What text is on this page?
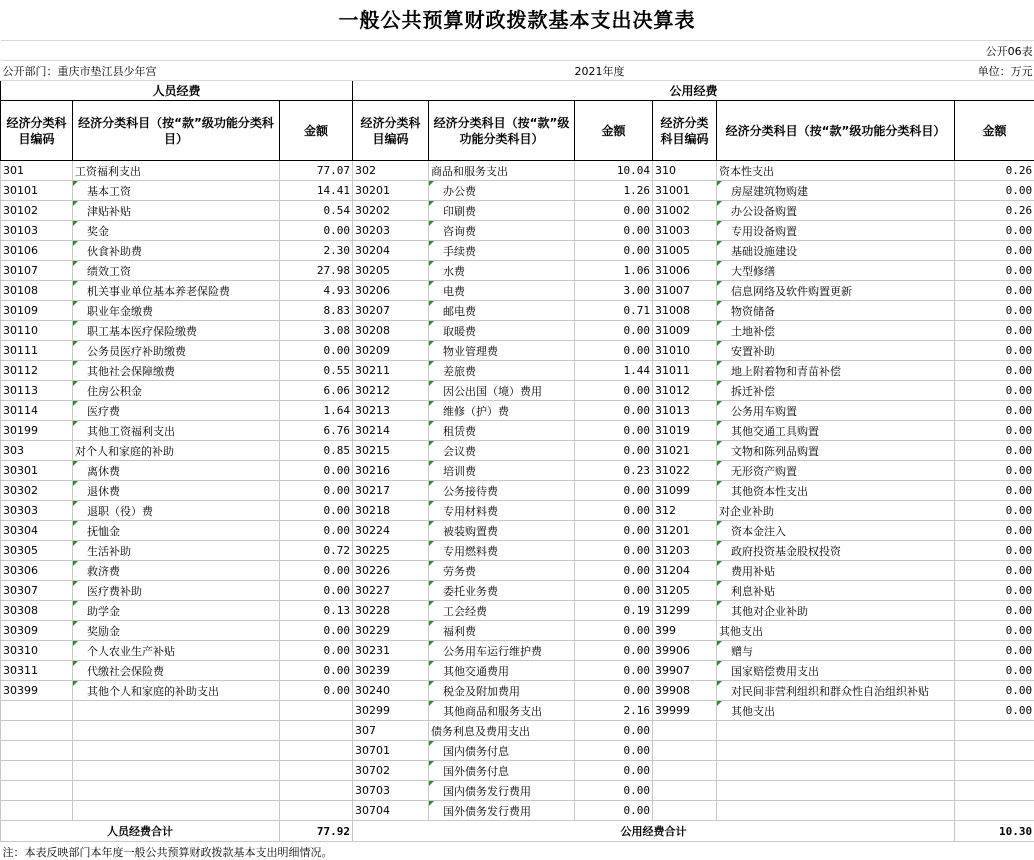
一般公共预算财政拨款基本支出决算表
公开06表								
公开部门：重庆市垫江县少年宫					2021年度		单位：万元	
人员经费			公用经费					
经济分类科目编码	经济分类科目（按“款”级功能分类科目）	金额	经济分类科目编码	经济分类科目（按“款”级功能分类科目）	金额	经济分类科目编码	经济分类科目（按“款”级功能分类科目）	金额
301	工资福利支出	77.07	302	商品和服务支出	10.04	310	资本性支出	0.26
30101	基本工资	14.41	30201	办公费	1.26	31001	房屋建筑物购建	0.00
30102	津贴补贴	0.54	30202	印刷费	0.00	31002	办公设备购置	0.26
30103	奖金	0.00	30203	咨询费	0.00	31003	专用设备购置	0.00
30106	伙食补助费	2.30	30204	手续费	0.00	31005	基础设施建设	0.00
30107	绩效工资	27.98	30205	水费	1.06	31006	大型修缮	0.00
30108	机关事业单位基本养老保险费	4.93	30206	电费	3.00	31007	信息网络及软件购置更新	0.00
30109	职业年金缴费	8.83	30207	邮电费	0.71	31008	物资储备	0.00
30110	职工基本医疗保险缴费	3.08	30208	取暖费	0.00	31009	土地补偿	0.00
30111	公务员医疗补助缴费	0.00	30209	物业管理费	0.00	31010	安置补助	0.00
30112	其他社会保障缴费	0.55	30211	差旅费	1.44	31011	地上附着物和青苗补偿	0.00
30113	住房公积金	6.06	30212	因公出国（境）费用	0.00	31012	拆迁补偿	0.00
30114	医疗费	1.64	30213	维修（护）费	0.00	31013	公务用车购置	0.00
30199	其他工资福利支出	6.76	30214	租赁费	0.00	31019	其他交通工具购置	0.00
303	对个人和家庭的补助	0.85	30215	会议费	0.00	31021	文物和陈列品购置	0.00
30301	离休费	0.00	30216	培训费	0.23	31022	无形资产购置	0.00
30302	退休费	0.00	30217	公务接待费	0.00	31099	其他资本性支出	0.00
30303	退职（役）费	0.00	30218	专用材料费	0.00	312	对企业补助	0.00
30304	抚恤金	0.00	30224	被装购置费	0.00	31201	资本金注入	0.00
30305	生活补助	0.72	30225	专用燃料费	0.00	31203	政府投资基金股权投资	0.00
30306	救济费	0.00	30226	劳务费	0.00	31204	费用补贴	0.00
30307	医疗费补助	0.00	30227	委托业务费	0.00	31205	利息补贴	0.00
30308	助学金	0.13	30228	工会经费	0.19	31299	其他对企业补助	0.00
30309	奖励金	0.00	30229	福利费	0.00	399	其他支出	0.00
30310	个人农业生产补贴	0.00	30231	公务用车运行维护费	0.00	39906	赠与	0.00
30311	代缴社会保险费	0.00	30239	其他交通费用	0.00	39907	国家赔偿费用支出	0.00
30399	其他个人和家庭的补助支出	0.00	30240	税金及附加费用	0.00	39908	对民间非营利组织和群众性自治组织补贴	0.00
			30299	其他商品和服务支出	2.16	39999	其他支出	0.00
			307	债务利息及费用支出	0.00			
			30701	国内债务付息	0.00			
			30702	国外债务付息	0.00			
			30703	国内债务发行费用	0.00			
			30704	国外债务发行费用	0.00			
人员经费合计		77.92	公用经费合计					10.30
注：本表反映部门本年度一般公共预算财政拨款基本支出明细情况。								
